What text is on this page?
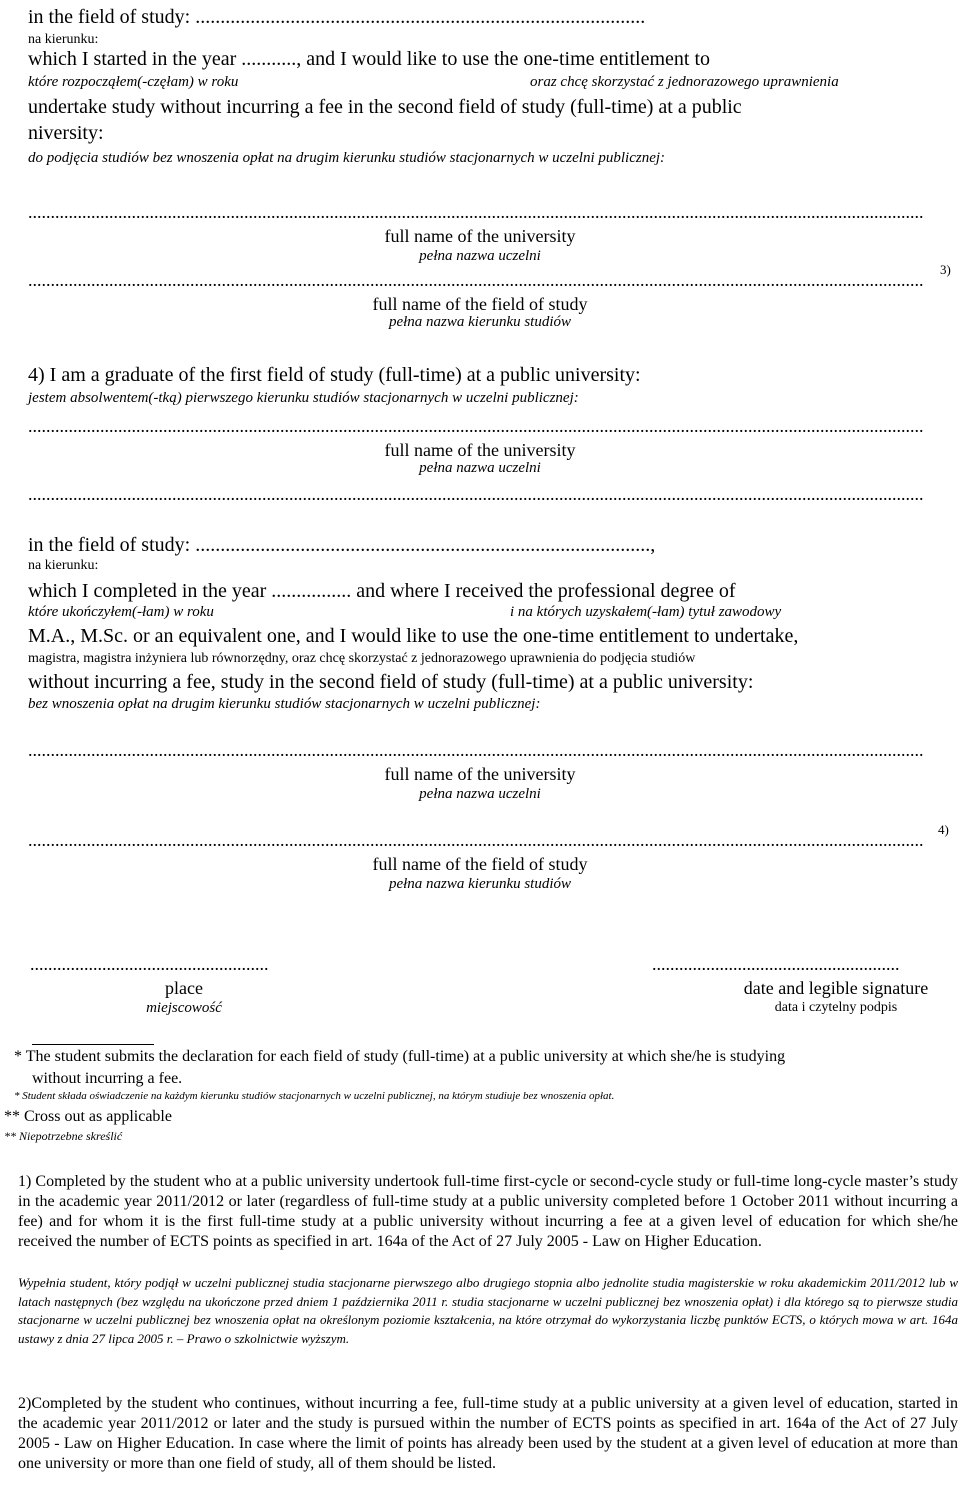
in the field of study: ..........................................................................................
na kierunku:
which I started in the year ..........., and I would like to use the one-time entitlement to
które rozpocząłem(-częłam) w roku	oraz chcę skorzystać z jednorazowego uprawnienia
undertake study without incurring a fee in the second field of study (full-time) at a public
niversity:
do podjęcia studiów bez wnoszenia opłat na drugim kierunku studiów stacjonarnych w uczelni publicznej:
.......................................................................................................................................................................................................
full name of the university
pełna nazwa uczelni
3)
.......................................................................................................................................................................................................
full name of the field of study
pełna nazwa kierunku studiów
4) I am a graduate of the first field of study (full-time) at a public university:
jestem absolwentem(-tką) pierwszego kierunku studiów stacjonarnych w uczelni publicznej:
.......................................................................................................................................................................................................
full name of the university
pełna nazwa uczelni
.......................................................................................................................................................................................................
in the field of study: ...........................................................................................,
na kierunku:
which I completed in the year ................ and where I received the professional degree of
które ukończyłem(-łam) w roku	i na których uzyskałem(-łam) tytuł zawodowy
M.A., M.Sc. or an equivalent one, and I would like to use the one-time entitlement to undertake,
magistra, magistra inżyniera lub równorzędny, oraz chcę skorzystać z jednorazowego uprawnienia do podjęcia studiów
without incurring a fee, study in the second field of study (full-time) at a public university:
bez wnoszenia opłat na drugim kierunku studiów stacjonarnych w uczelni publicznej:
.......................................................................................................................................................................................................
full name of the university
pełna nazwa uczelni
4)
.......................................................................................................................................................................................................
full name of the field of study
pełna nazwa kierunku studiów
.....................................................	.......................................................
place
miejscowość
date and legible signature
data i czytelny podpis
* The student submits the declaration for each field of study (full-time) at a public university at which she/he is studying
without incurring a fee.
* Student składa oświadczenie na każdym kierunku studiów stacjonarnych w uczelni publicznej, na którym studiuje bez wnoszenia opłat.
** Cross out as applicable
** Niepotrzebne skreślić
1) Completed by the student who at a public university undertook full-time first-cycle or second-cycle study or full-time long-cycle master’s study in the academic year 2011/2012 or later (regardless of full-time study at a public university completed before 1 October 2011 without incurring a fee) and for whom it is the first full-time study at a public university without incurring a fee at a given level of education for which she/he received the number of ECTS points as specified in art. 164a of the Act of 27 July 2005 - Law on Higher Education.
Wypełnia student, który podjął w uczelni publicznej studia stacjonarne pierwszego albo drugiego stopnia albo jednolite studia magisterskie w roku akademickim 2011/2012 lub w latach następnych (bez względu na ukończone przed dniem 1 października 2011 r. studia stacjonarne w uczelni publicznej bez wnoszenia opłat) i dla którego są to pierwsze studia stacjonarne w uczelni publicznej bez wnoszenia opłat na określonym poziomie kształcenia, na które otrzymał do wykorzystania liczbę punktów ECTS, o których mowa w art. 164a ustawy z dnia 27 lipca 2005 r. – Prawo o szkolnictwie wyższym.
2)Completed by the student who continues, without incurring a fee, full-time study at a public university at a given level of education, started in the academic year 2011/2012 or later and the study is pursued within the number of ECTS points as specified in art. 164a of the Act of 27 July 2005 - Law on Higher Education. In case where the limit of points has already been used by the student at a given level of education at more than one university or more than one field of study, all of them should be listed.
